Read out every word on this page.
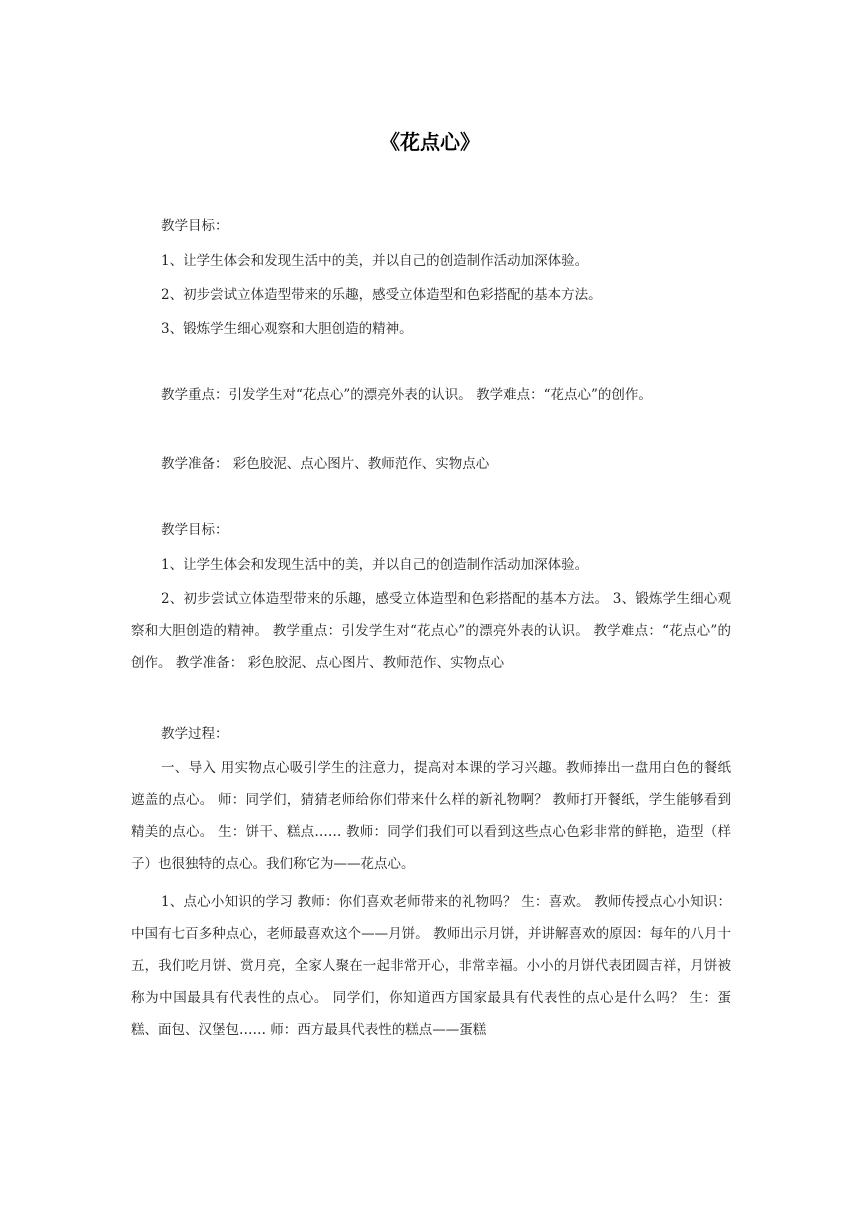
《花点心》
教学目标：
1、让学生体会和发现生活中的美，并以自己的创造制作活动加深体验。
2、初步尝试立体造型带来的乐趣，感受立体造型和色彩搭配的基本方法。
3、锻炼学生细心观察和大胆创造的精神。
教学重点：引发学生对“花点心”的漂亮外表的认识。 教学难点：“花点心”的创作。
教学准备： 彩色胶泥、点心图片、教师范作、实物点心
教学目标：
1、让学生体会和发现生活中的美，并以自己的创造制作活动加深体验。
2、初步尝试立体造型带来的乐趣，感受立体造型和色彩搭配的基本方法。 3、锻炼学生细心观察和大胆创造的精神。 教学重点：引发学生对“花点心”的漂亮外表的认识。 教学难点：“花点心”的创作。 教学准备： 彩色胶泥、点心图片、教师范作、实物点心
教学过程：
一、导入 用实物点心吸引学生的注意力，提高对本课的学习兴趣。教师捧出一盘用白色的餐纸遮盖的点心。 师：同学们，猜猜老师给你们带来什么样的新礼物啊？ 教师打开餐纸，学生能够看到精美的点心。 生：饼干、糕点…… 教师：同学们我们可以看到这些点心色彩非常的鲜艳，造型（样子）也很独特的点心。我们称它为——花点心。
1、点心小知识的学习 教师：你们喜欢老师带来的礼物吗？ 生：喜欢。 教师传授点心小知识：中国有七百多种点心，老师最喜欢这个——月饼。 教师出示月饼，并讲解喜欢的原因：每年的八月十五，我们吃月饼、赏月亮，全家人聚在一起非常开心，非常幸福。小小的月饼代表团圆吉祥，月饼被称为中国最具有代表性的点心。 同学们，你知道西方国家最具有代表性的点心是什么吗？ 生：蛋糕、面包、汉堡包…… 师：西方最具代表性的糕点——蛋糕
